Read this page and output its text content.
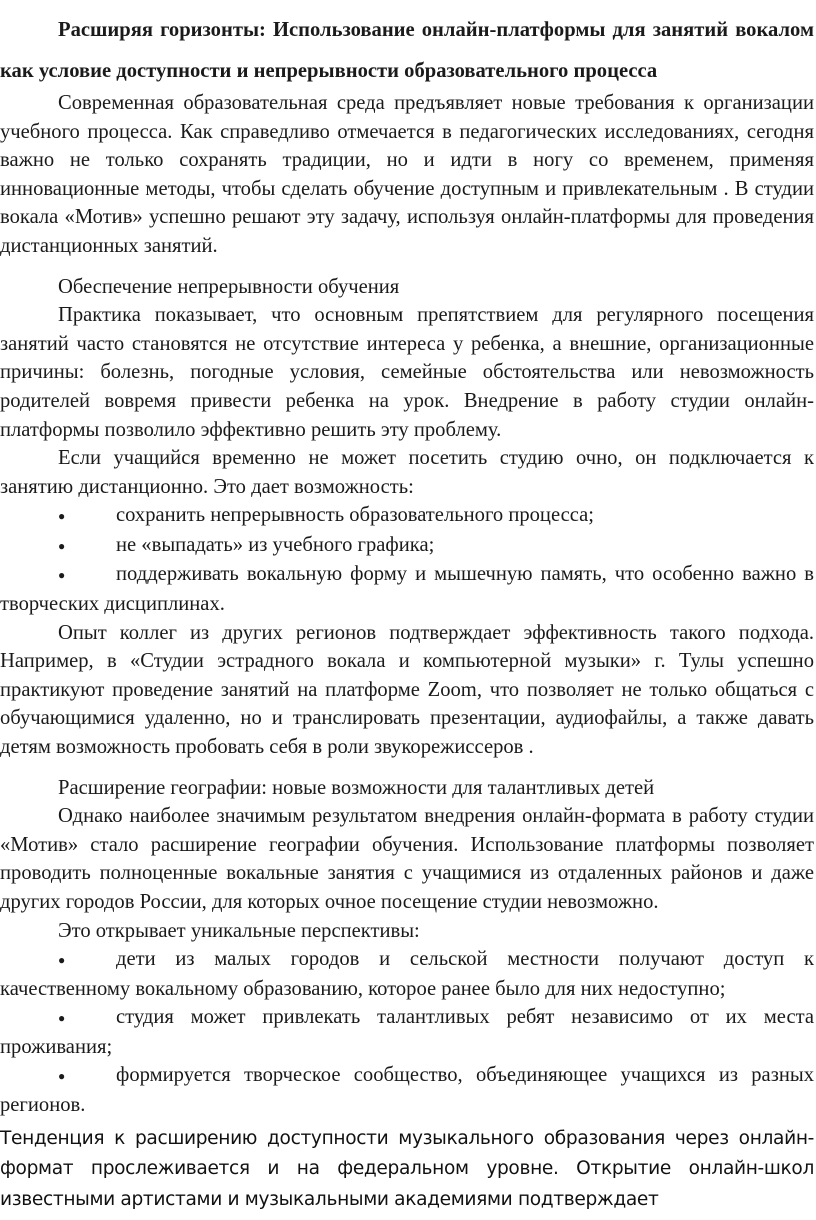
Расширяя горизонты: Использование онлайн-платформы для занятий вокалом как условие доступности и непрерывности образовательного процесса

Современная образовательная среда предъявляет новые требования к организации учебного процесса. Как справедливо отмечается в педагогических исследованиях, сегодня важно не только сохранять традиции, но и идти в ногу со временем, применяя инновационные методы, чтобы сделать обучение доступным и привлекательным . В студии вокала «Мотив» успешно решают эту задачу, используя онлайн-платформы для проведения дистанционных занятий.

Обеспечение непрерывности обучения

Практика показывает, что основным препятствием для регулярного посещения занятий часто становятся не отсутствие интереса у ребенка, а внешние, организационные причины: болезнь, погодные условия, семейные обстоятельства или невозможность родителей вовремя привести ребенка на урок. Внедрение в работу студии онлайн-платформы позволило эффективно решить эту проблему.

Если учащийся временно не может посетить студию очно, он подключается к занятию дистанционно. Это дает возможность:

● сохранить непрерывность образовательного процесса;
● не «выпадать» из учебного графика;
● поддерживать вокальную форму и мышечную память, что особенно важно в творческих дисциплинах.

Опыт коллег из других регионов подтверждает эффективность такого подхода. Например, в «Студии эстрадного вокала и компьютерной музыки» г. Тулы успешно практикуют проведение занятий на платформе Zoom, что позволяет не только общаться с обучающимися удаленно, но и транслировать презентации, аудиофайлы, а также давать детям возможность пробовать себя в роли звукорежиссеров .

Расширение географии: новые возможности для талантливых детей

Однако наиболее значимым результатом внедрения онлайн-формата в работу студии «Мотив» стало расширение географии обучения. Использование платформы позволяет проводить полноценные вокальные занятия с учащимися из отдаленных районов и даже других городов России, для которых очное посещение студии невозможно.

Это открывает уникальные перспективы:

● дети из малых городов и сельской местности получают доступ к качественному вокальному образованию, которое ранее было для них недоступно;
● студия может привлекать талантливых ребят независимо от их места проживания;
● формируется творческое сообщество, объединяющее учащихся из разных регионов.

Тенденция к расширению доступности музыкального образования через онлайн-формат прослеживается и на федеральном уровне. Открытие онлайн-школ известными артистами и музыкальными академиями подтверждает
